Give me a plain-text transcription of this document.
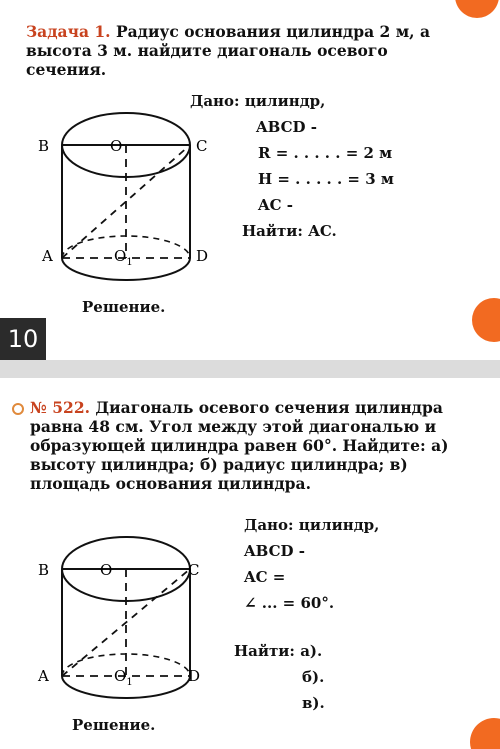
Задача 1. Радиус основания цилиндра 2 м, а высота 3 м. найдите диагональ осевого сечения.
B	O	C
A	$O_1$	D
Дано: цилиндр,
ABCD -
R = . . . . . = 2 м
H = . . . . . = 3 м
AC -
Найти: AC.
Решение.
10
№ 522. Диагональ осевого сечения цилиндра равна 48 см. Угол между этой диагональю и образующей цилиндра равен 60°. Найдите: а) высоту цилиндра; б) радиус цилиндра; в) площадь основания цилиндра.
B	O	C
A	$O_1$	D
Дано: цилиндр,
ABCD -
AC =
∠ ... = 60°.
Найти: а).
б).
в).
Решение.
